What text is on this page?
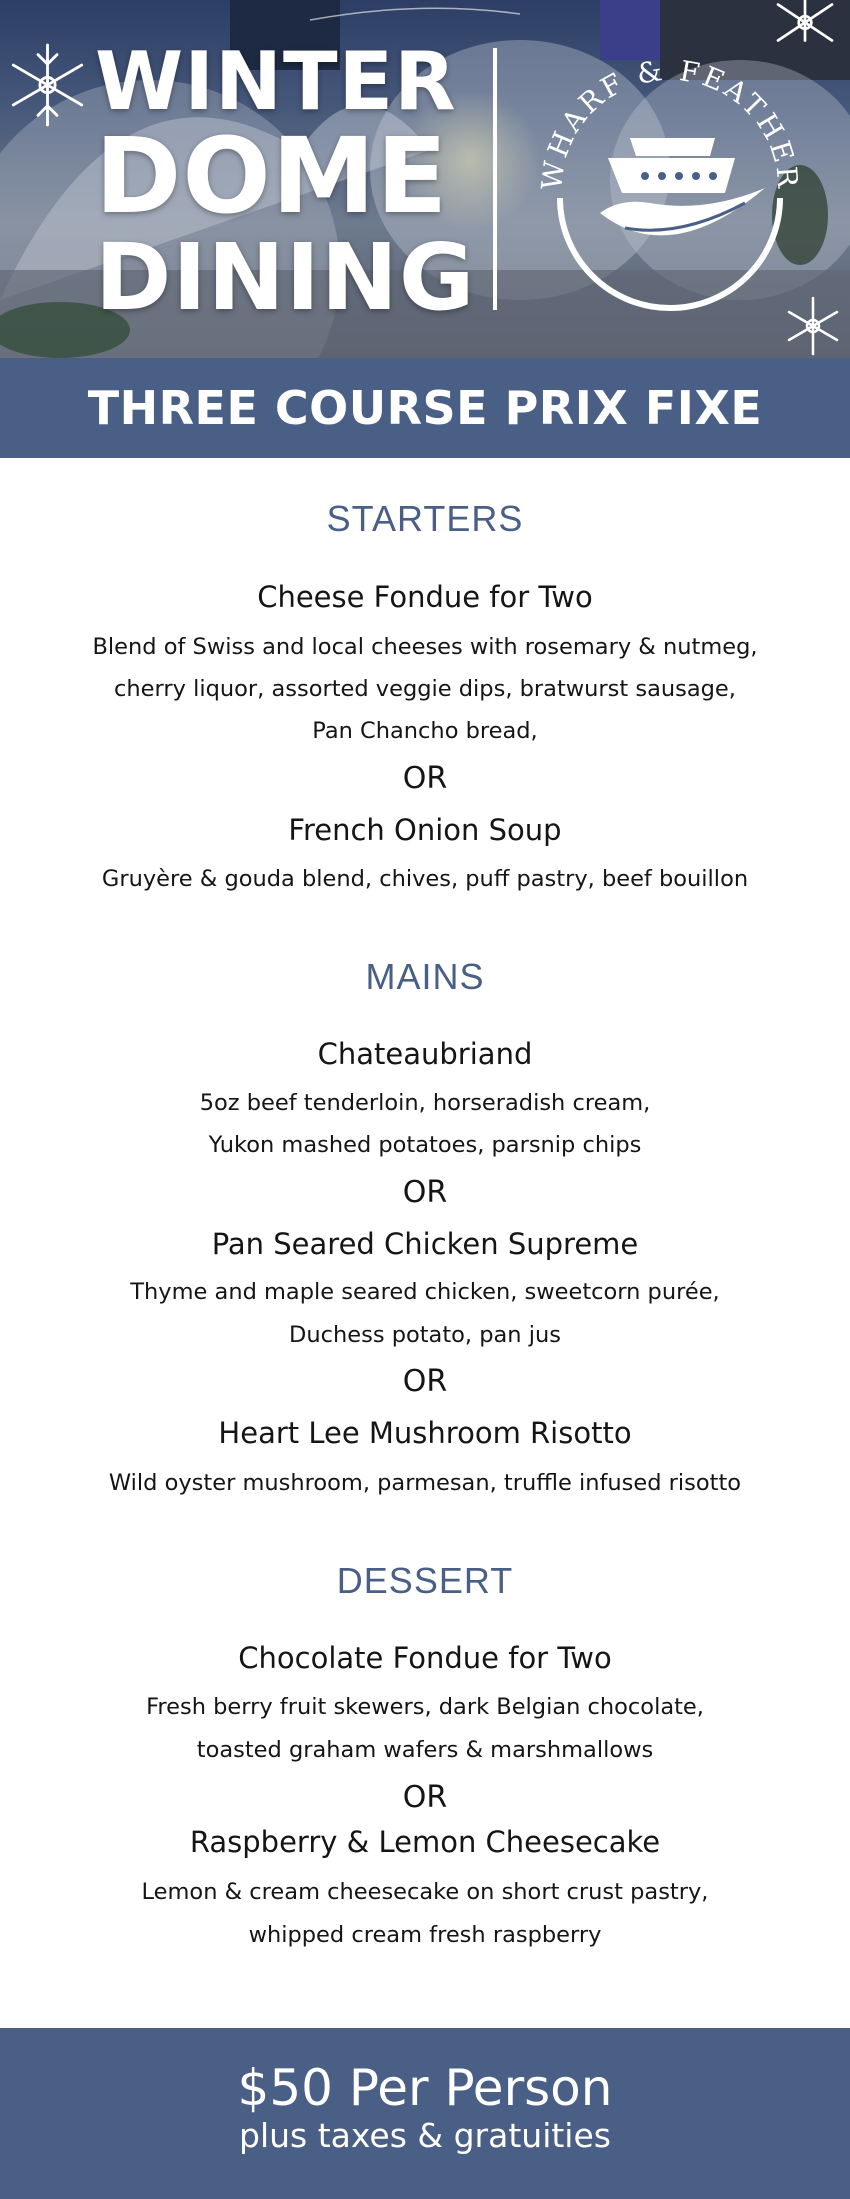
WINTER
DOME
DINING
WHARF & FEATHER
THREE COURSE PRIX FIXE

STARTERS

Cheese Fondue for Two

Blend of Swiss and local cheeses with rosemary & nutmeg,

cherry liquor, assorted veggie dips, bratwurst sausage,

Pan Chancho bread,

OR

French Onion Soup

Gruyère & gouda blend, chives, puff pastry, beef bouillon

MAINS

Chateaubriand

5oz beef tenderloin, horseradish cream,

Yukon mashed potatoes, parsnip chips

OR

Pan Seared Chicken Supreme

Thyme and maple seared chicken, sweetcorn purée,

Duchess potato, pan jus

OR

Heart Lee Mushroom Risotto

Wild oyster mushroom, parmesan, truffle infused risotto

DESSERT

Chocolate Fondue for Two

Fresh berry fruit skewers, dark Belgian chocolate,

toasted graham wafers & marshmallows

OR

Raspberry & Lemon Cheesecake

Lemon & cream cheesecake on short crust pastry,

whipped cream fresh raspberry

$50 Per Person

plus taxes & gratuities
